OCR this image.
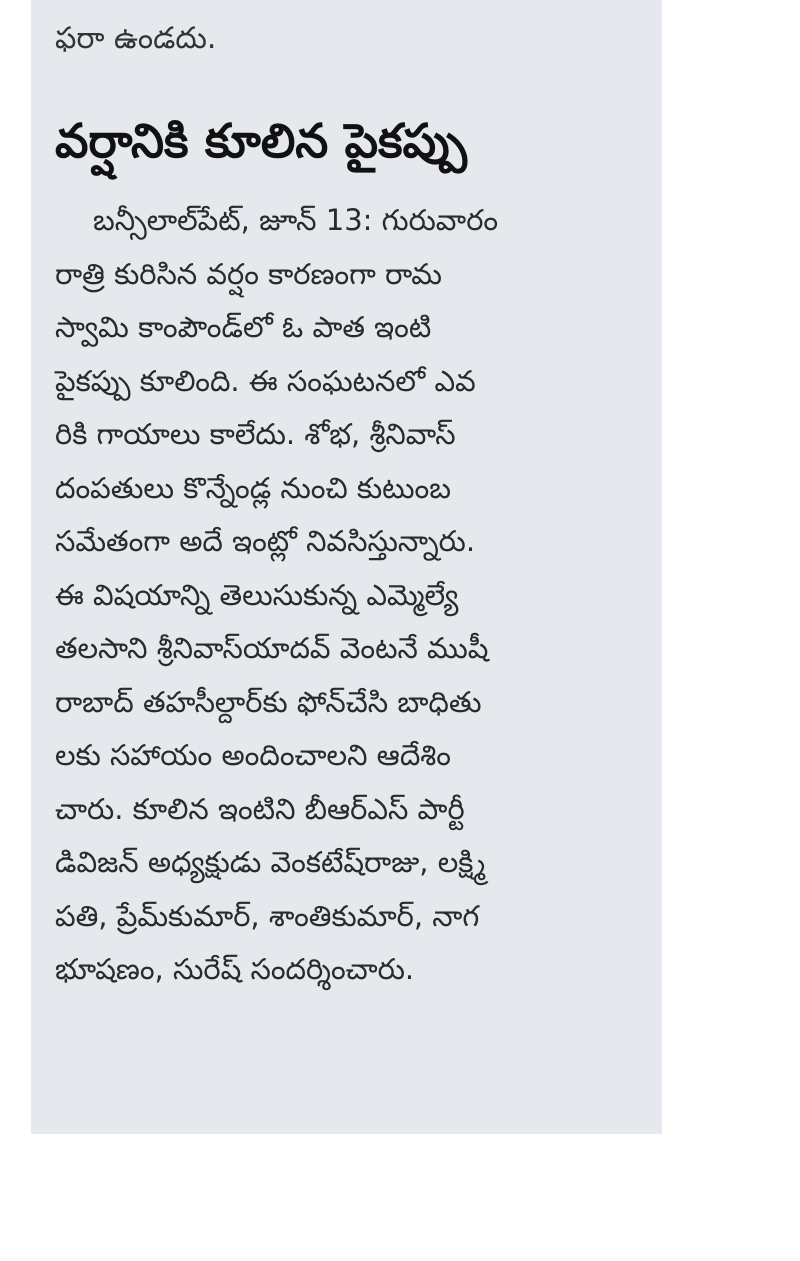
ఫరా ఉండదు.
వర్షానికి కూలిన పైకప్పు
బన్సీలాల్‌పేట్, జూన్ 13: గురువారం
రాత్రి కురిసిన వర్షం కారణంగా రామ
స్వామి కాంపౌండ్‌లో ఓ పాత ఇంటి
పైకప్పు కూలింది. ఈ సంఘటనలో ఎవ
రికి గాయాలు కాలేదు. శోభ, శ్రీనివాస్
దంపతులు కొన్నేండ్ల నుంచి కుటుంబ
సమేతంగా అదే ఇంట్లో నివసిస్తున్నారు.
ఈ విషయాన్ని తెలుసుకున్న ఎమ్మెల్యే
తలసాని శ్రీనివాస్‌యాదవ్ వెంటనే ముషీ
రాబాద్ తహసీల్దార్‌కు ఫోన్‌చేసి బాధితు
లకు సహాయం అందించాలని ఆదేశిం
చారు. కూలిన ఇంటిని బీఆర్‌ఎస్ పార్టీ
డివిజన్ అధ్యక్షుడు వెంకటేష్‌రాజు, లక్ష్మి
పతి, ప్రేమ్‌కుమార్, శాంతికుమార్, నాగ
భూషణం, సురేష్ సందర్శించారు.
